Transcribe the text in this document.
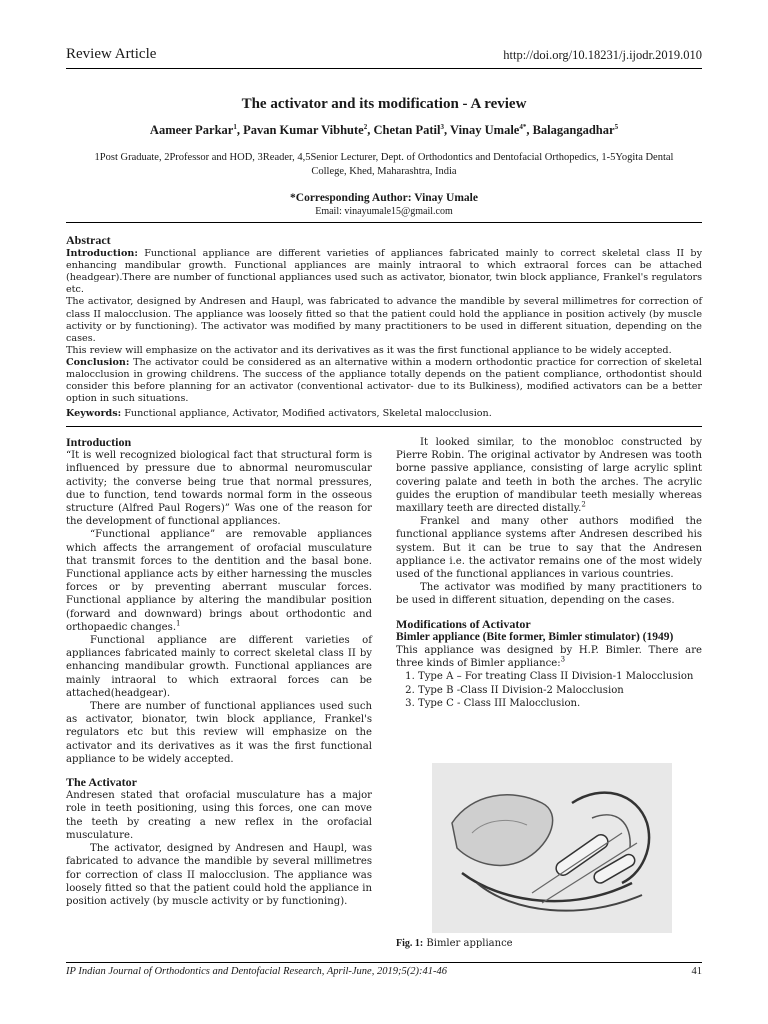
Review Article	http://doi.org/10.18231/j.ijodr.2019.010
The activator and its modification - A review
Aameer Parkar$^1$, Pavan Kumar Vibhute$^2$, Chetan Patil$^3$, Vinay Umale$^{4*}$, Balagangadhar$^5$
1Post Graduate, 2Professor and HOD, 3Reader, 4,5Senior Lecturer, Dept. of Orthodontics and Dentofacial Orthopedics, 1-5Yogita Dental College, Khed, Maharashtra, India
*Corresponding Author: Vinay Umale
Email: vinayumale15@gmail.com
Abstract

Introduction: Functional appliance are different varieties of appliances fabricated mainly to correct skeletal class II by enhancing mandibular growth. Functional appliances are mainly intraoral to which extraoral forces can be attached (headgear).There are number of functional appliances used such as activator, bionator, twin block appliance, Frankel's regulators etc.

The activator, designed by Andresen and Haupl, was fabricated to advance the mandible by several millimetres for correction of class II malocclusion. The appliance was loosely fitted so that the patient could hold the appliance in position actively (by muscle activity or by functioning). The activator was modified by many practitioners to be used in different situation, depending on the cases.

This review will emphasize on the activator and its derivatives as it was the first functional appliance to be widely accepted.

Conclusion: The activator could be considered as an alternative within a modern orthodontic practice for correction of skeletal malocclusion in growing childrens. The success of the appliance totally depends on the patient compliance, orthodontist should consider this before planning for an activator (conventional activator- due to its Bulkiness), modified activators can be a better option in such situations.

Keywords: Functional appliance, Activator, Modified activators, Skeletal malocclusion.
Introduction

“It is well recognized biological fact that structural form is influenced by pressure due to abnormal neuromuscular activity; the converse being true that normal pressures, due to function, tend towards normal form in the osseous structure (Alfred Paul Rogers)” Was one of the reason for the development of functional appliances.

“Functional appliance” are removable appliances which affects the arrangement of orofacial musculature that transmit forces to the dentition and the basal bone. Functional appliance acts by either harnessing the muscles forces or by preventing aberrant muscular forces. Functional appliance by altering the mandibular position (forward and downward) brings about orthodontic and orthopaedic changes.$^1$

Functional appliance are different varieties of appliances fabricated mainly to correct skeletal class II by enhancing mandibular growth. Functional appliances are mainly intraoral to which extraoral forces can be attached(headgear).

There are number of functional appliances used such as activator, bionator, twin block appliance, Frankel's regulators etc but this review will emphasize on the activator and its derivatives as it was the first functional appliance to be widely accepted.

The Activator

Andresen stated that orofacial musculature has a major role in teeth positioning, using this forces, one can move the teeth by creating a new reflex in the orofacial musculature.

The activator, designed by Andresen and Haupl, was fabricated to advance the mandible by several millimetres for correction of class II malocclusion. The appliance was loosely fitted so that the patient could hold the appliance in position actively (by muscle activity or by functioning).

It looked similar, to the monobloc constructed by Pierre Robin. The original activator by Andresen was tooth borne passive appliance, consisting of large acrylic splint covering palate and teeth in both the arches. The acrylic guides the eruption of mandibular teeth mesially whereas maxillary teeth are directed distally.$^2$

Frankel and many other authors modified the functional appliance systems after Andresen described his system. But it can be true to say that the Andresen appliance i.e. the activator remains one of the most widely used of the functional appliances in various countries.

The activator was modified by many practitioners to be used in different situation, depending on the cases.

Modifications of Activator
Bimler appliance (Bite former, Bimler stimulator) (1949)

This appliance was designed by H.P. Bimler. There are three kinds of Bimler appliance:$^3$

1. Type A – For treating Class II Division-1 Malocclusion
2. Type B -Class II Division-2 Malocclusion
3. Type C - Class III Malocclusion.
Fig. 1: Bimler appliance
IP Indian Journal of Orthodontics and Dentofacial Research, April-June, 2019;5(2):41-46	41
